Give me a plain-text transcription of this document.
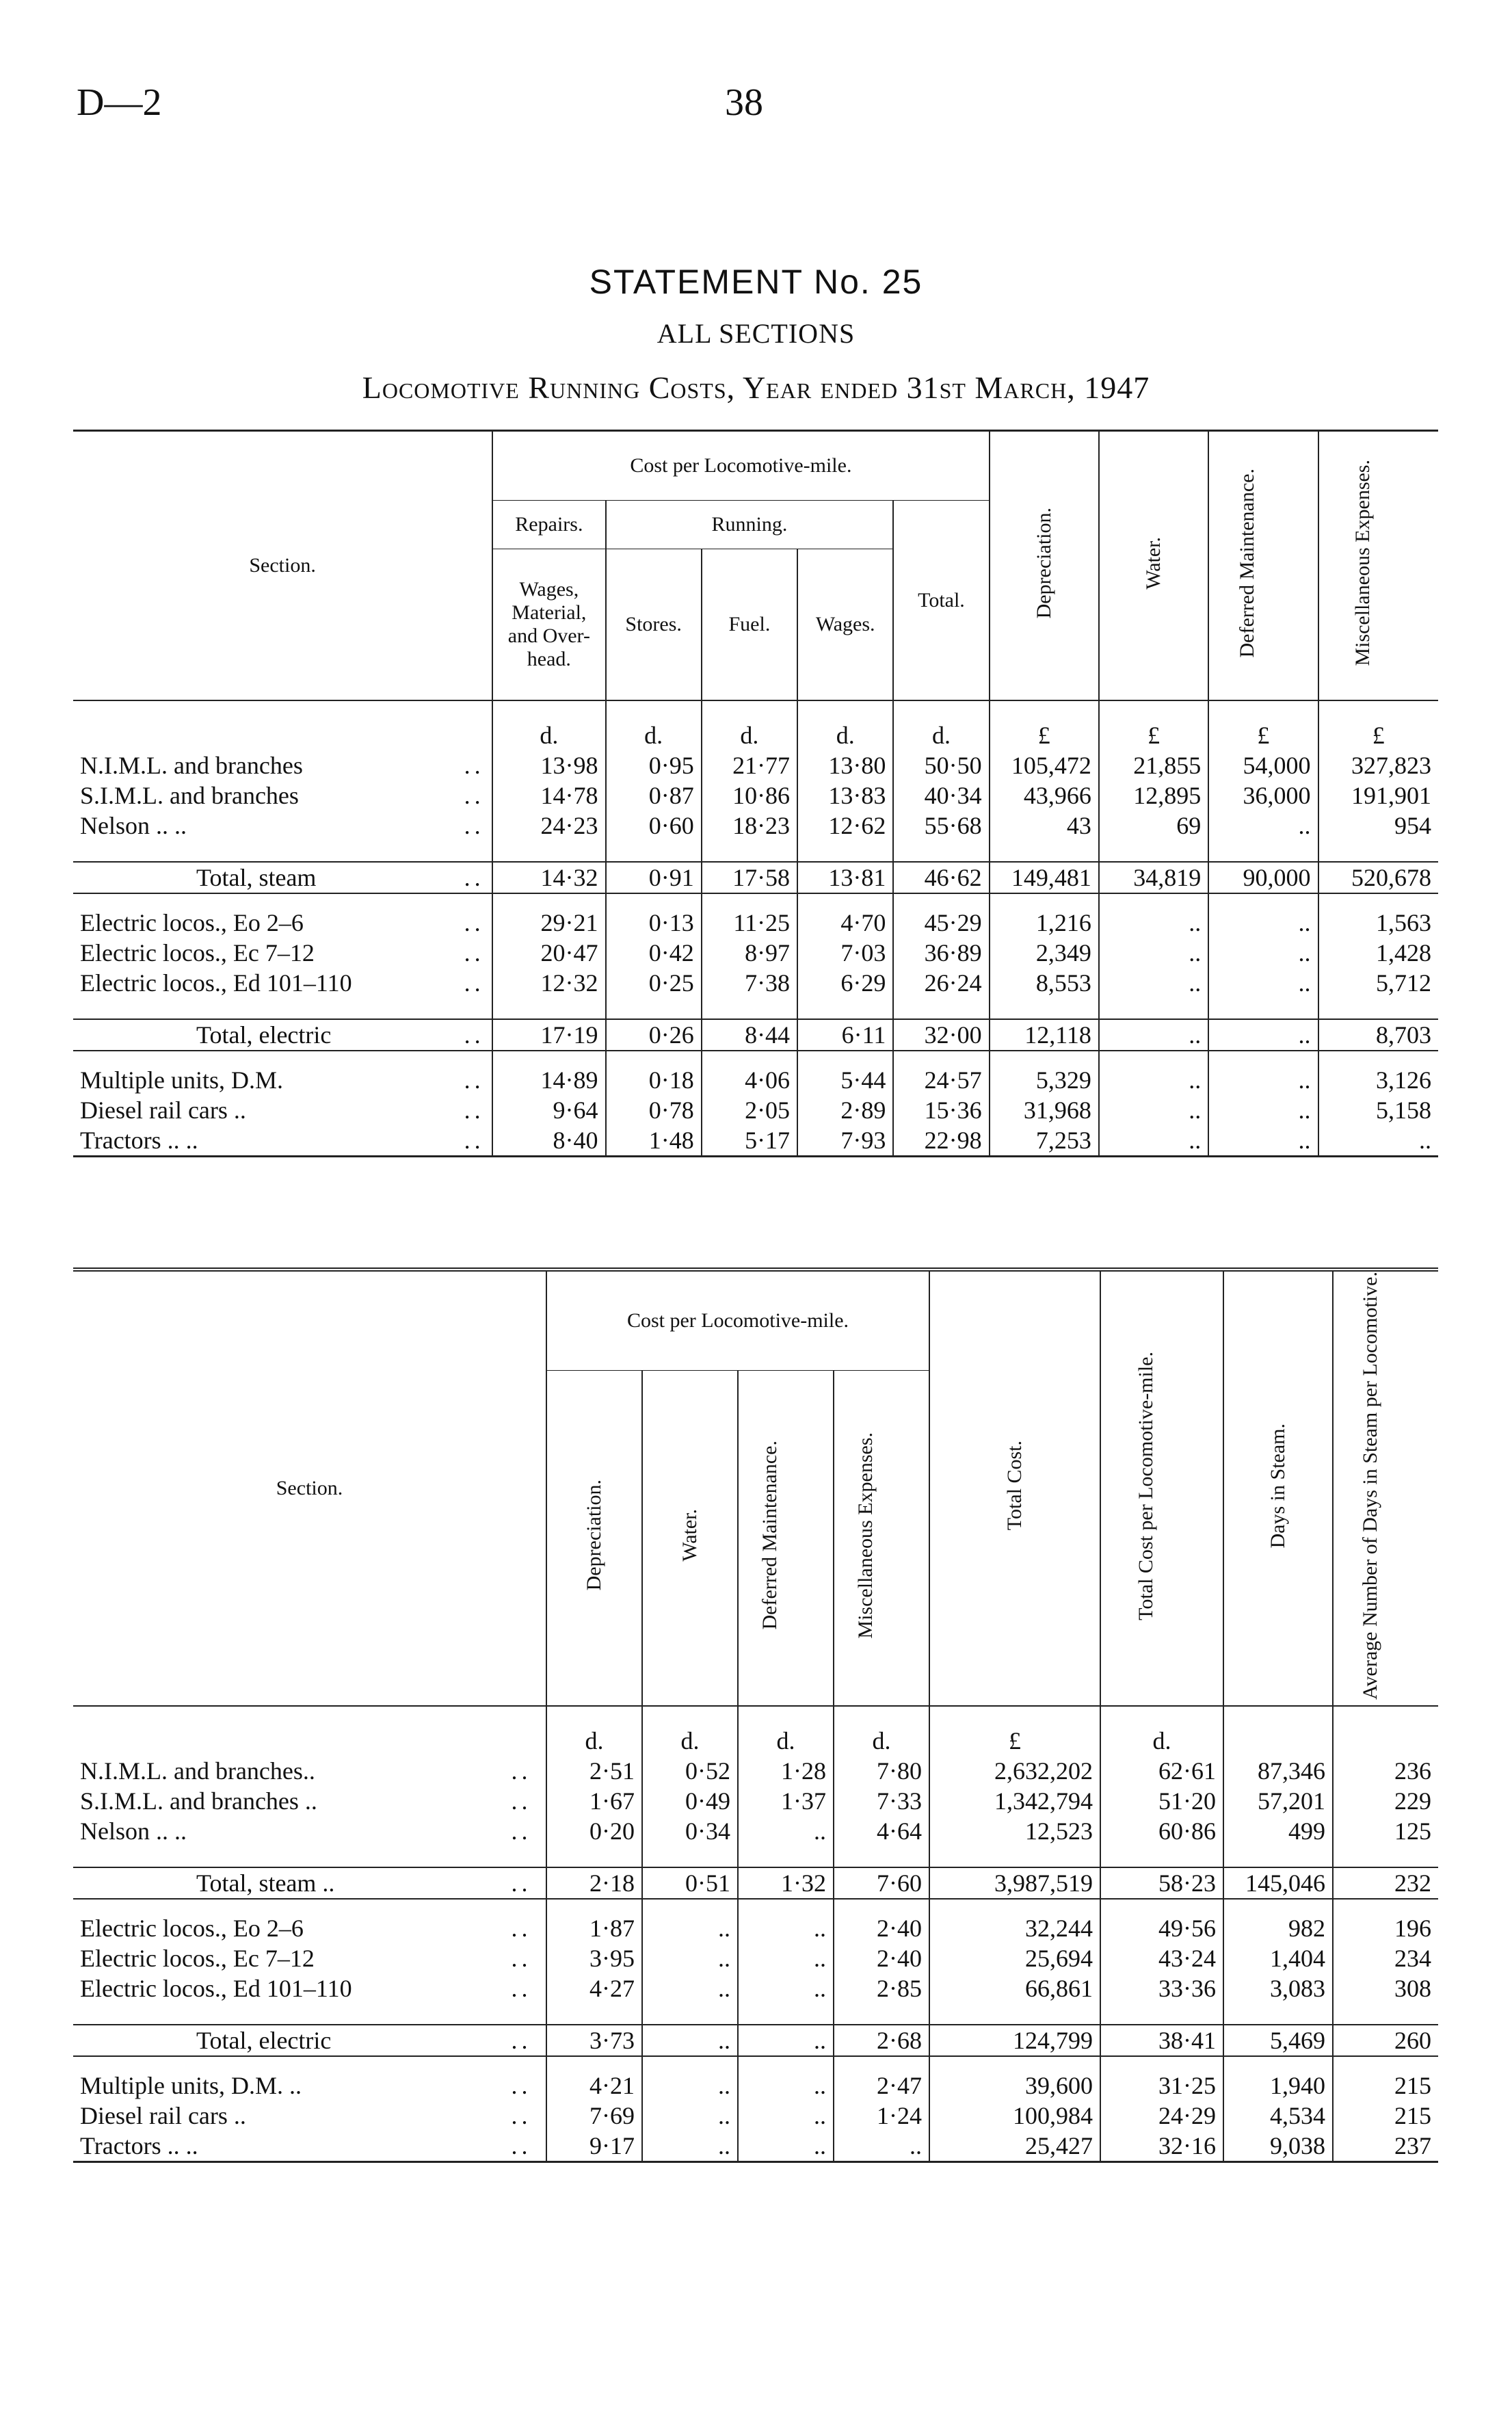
D—2	38
STATEMENT No. 25
ALL SECTIONS
Locomotive Running Costs, Year ended 31st March, 1947
Section.		Cost per Locomotive-mile.					Depreciation.	Water.	Deferred Maintenance.	Miscellaneous Expenses.
		Repairs.	Running.			Total.				
		Wages, Material, and Over-head.	Stores.	Fuel.	Wages.					
		d.	d.	d.	d.	d.	£	£	£	£
N.I.M.L. and branches	..	13·98	0·95	21·77	13·80	50·50	105,472	21,855	54,000	327,823
S.I.M.L. and branches	..	14·78	0·87	10·86	13·83	40·34	43,966	12,895	36,000	191,901
Nelson .. ..	..	24·23	0·60	18·23	12·62	55·68	43	69	..	954

Total, steam	..	14·32	0·91	17·58	13·81	46·62	149,481	34,819	90,000	520,678

Electric locos., Eo 2–6	..	29·21	0·13	11·25	4·70	45·29	1,216	..	..	1,563
Electric locos., Ec 7–12	..	20·47	0·42	8·97	7·03	36·89	2,349	..	..	1,428
Electric locos., Ed 101–110	..	12·32	0·25	7·38	6·29	26·24	8,553	..	..	5,712

Total, electric	..	17·19	0·26	8·44	6·11	32·00	12,118	..	..	8,703

Multiple units, D.M.	..	14·89	0·18	4·06	5·44	24·57	5,329	..	..	3,126
Diesel rail cars ..	..	9·64	0·78	2·05	2·89	15·36	31,968	..	..	5,158
Tractors .. ..	..	8·40	1·48	5·17	7·93	22·98	7,253	..	..	..
Section.		Cost per Locomotive-mile.				Total Cost.	Total Cost per Locomotive-mile.	Days in Steam.	Average Number of Days in Steam per Locomotive.
		Depreciation.	Water.	Deferred Maintenance.	Miscellaneous Expenses.				
		d.	d.	d.	d.	£	d.		
N.I.M.L. and branches..	..	2·51	0·52	1·28	7·80	2,632,202	62·61	87,346	236
S.I.M.L. and branches ..	..	1·67	0·49	1·37	7·33	1,342,794	51·20	57,201	229
Nelson .. ..	..	0·20	0·34	..	4·64	12,523	60·86	499	125

Total, steam ..	..	2·18	0·51	1·32	7·60	3,987,519	58·23	145,046	232

Electric locos., Eo 2–6	..	1·87	..	..	2·40	32,244	49·56	982	196
Electric locos., Ec 7–12	..	3·95	..	..	2·40	25,694	43·24	1,404	234
Electric locos., Ed 101–110	..	4·27	..	..	2·85	66,861	33·36	3,083	308

Total, electric	..	3·73	..	..	2·68	124,799	38·41	5,469	260

Multiple units, D.M. ..	..	4·21	..	..	2·47	39,600	31·25	1,940	215
Diesel rail cars ..	..	7·69	..	..	1·24	100,984	24·29	4,534	215
Tractors .. ..	..	9·17	..	..	..	25,427	32·16	9,038	237
